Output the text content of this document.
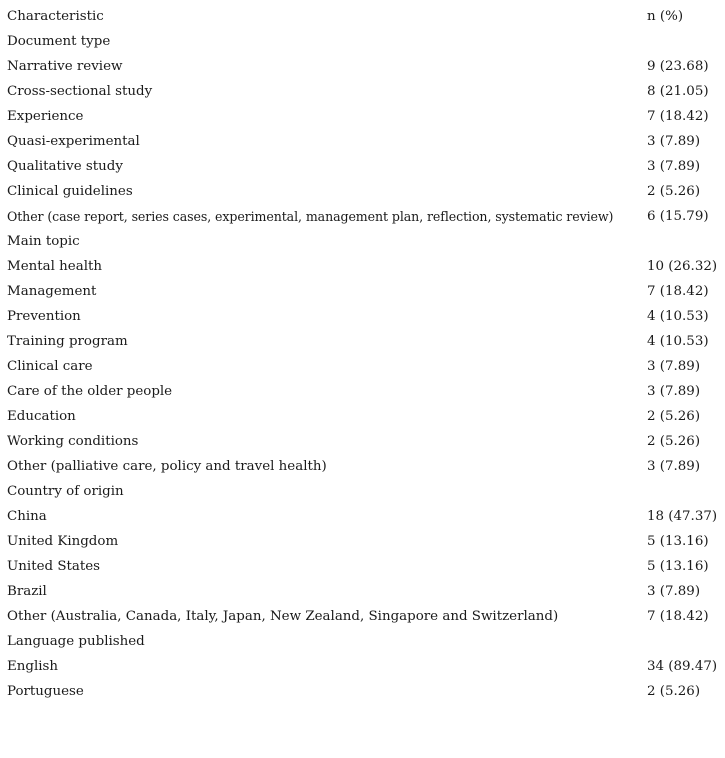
Characteristic	n (%)
Document type	
Narrative review	9 (23.68)
Cross-sectional study	8 (21.05)
Experience	7 (18.42)
Quasi-experimental	3 (7.89)
Qualitative study	3 (7.89)
Clinical guidelines	2 (5.26)
Other (case report, series cases, experimental, management plan, reflection, systematic review)	6 (15.79)
Main topic	
Mental health	10 (26.32)
Management	7 (18.42)
Prevention	4 (10.53)
Training program	4 (10.53)
Clinical care	3 (7.89)
Care of the older people	3 (7.89)
Education	2 (5.26)
Working conditions	2 (5.26)
Other (palliative care, policy and travel health)	3 (7.89)
Country of origin	
China	18 (47.37)
United Kingdom	5 (13.16)
United States	5 (13.16)
Brazil	3 (7.89)
Other (Australia, Canada, Italy, Japan, New Zealand, Singapore and Switzerland)	7 (18.42)
Language published	
English	34 (89.47)
Portuguese	2 (5.26)
